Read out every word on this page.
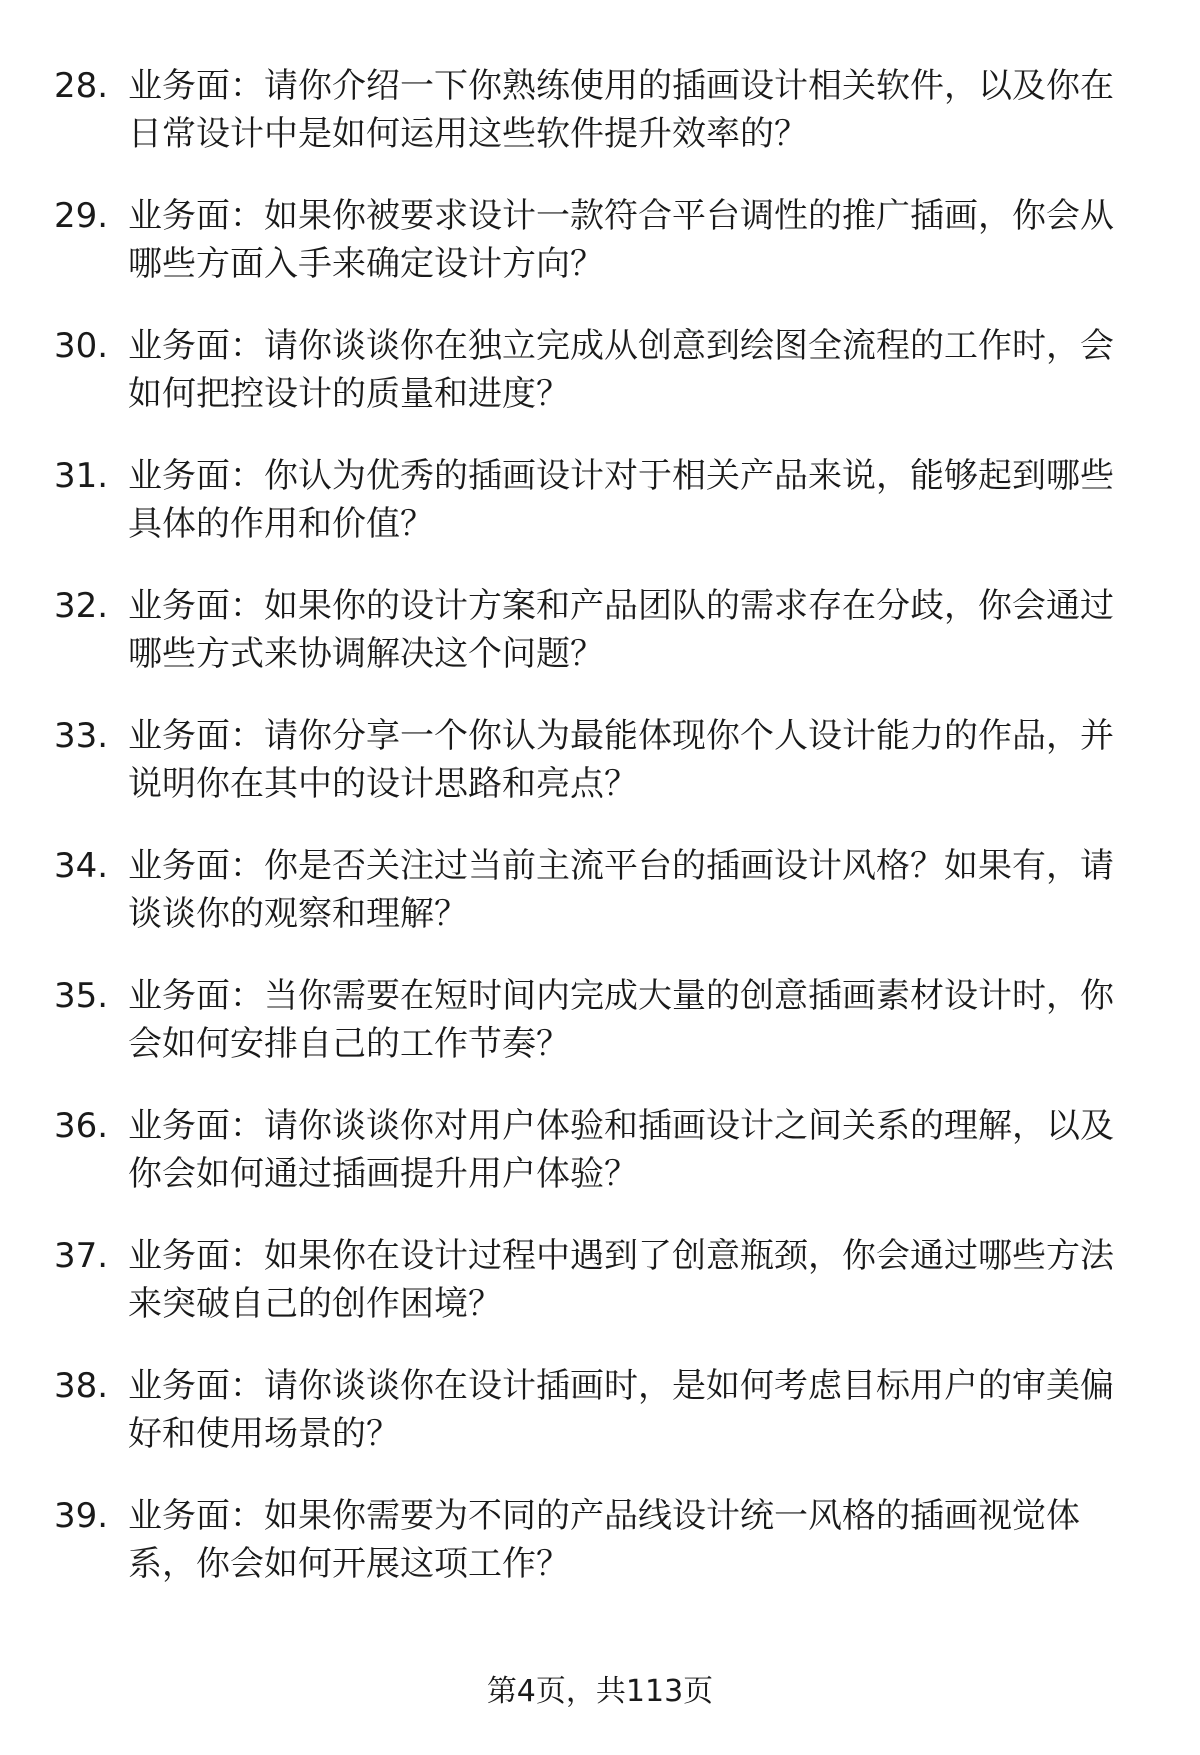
28. 业务面：请你介绍一下你熟练使用的插画设计相关软件，以及你在日常设计中是如何运用这些软件提升效率的？

29. 业务面：如果你被要求设计一款符合平台调性的推广插画，你会从哪些方面入手来确定设计方向？

30. 业务面：请你谈谈你在独立完成从创意到绘图全流程的工作时，会如何把控设计的质量和进度？

31. 业务面：你认为优秀的插画设计对于相关产品来说，能够起到哪些具体的作用和价值？

32. 业务面：如果你的设计方案和产品团队的需求存在分歧，你会通过哪些方式来协调解决这个问题？

33. 业务面：请你分享一个你认为最能体现你个人设计能力的作品，并说明你在其中的设计思路和亮点？

34. 业务面：你是否关注过当前主流平台的插画设计风格？如果有，请谈谈你的观察和理解？

35. 业务面：当你需要在短时间内完成大量的创意插画素材设计时，你会如何安排自己的工作节奏？

36. 业务面：请你谈谈你对用户体验和插画设计之间关系的理解，以及你会如何通过插画提升用户体验？

37. 业务面：如果你在设计过程中遇到了创意瓶颈，你会通过哪些方法来突破自己的创作困境？

38. 业务面：请你谈谈你在设计插画时，是如何考虑目标用户的审美偏好和使用场景的？

39. 业务面：如果你需要为不同的产品线设计统一风格的插画视觉体系，你会如何开展这项工作？

第4页，共113页
